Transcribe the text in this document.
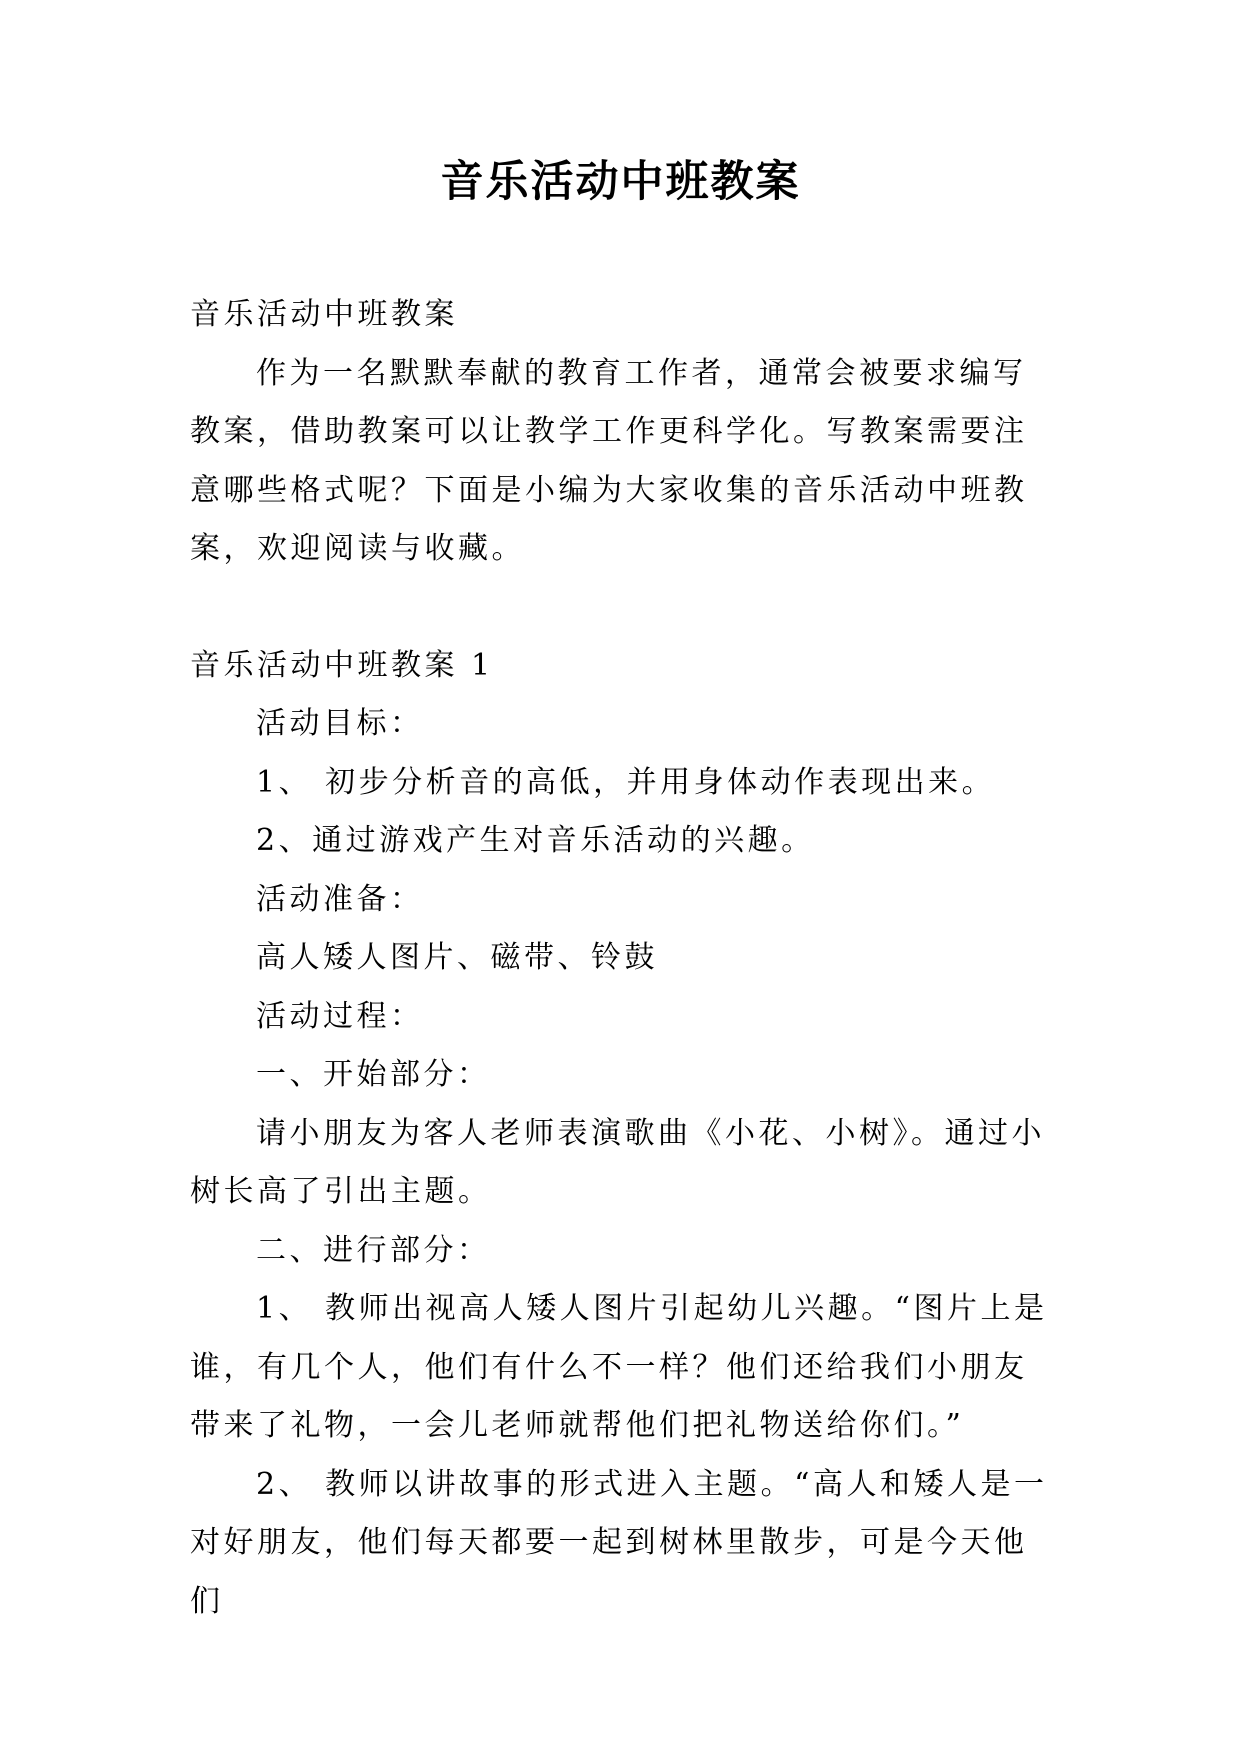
音乐活动中班教案

音乐活动中班教案

作为一名默默奉献的教育工作者，通常会被要求编写教案，借助教案可以让教学工作更科学化。写教案需要注意哪些格式呢？下面是小编为大家收集的音乐活动中班教案，欢迎阅读与收藏。

音乐活动中班教案 1

活动目标：

1、 初步分析音的高低，并用身体动作表现出来。

2、通过游戏产生对音乐活动的兴趣。

活动准备：

高人矮人图片、磁带、铃鼓

活动过程：

一、开始部分：

请小朋友为客人老师表演歌曲《小花、小树》。通过小树长高了引出主题。

二、进行部分：

1、 教师出视高人矮人图片引起幼儿兴趣。“图片上是谁，有几个人，他们有什么不一样？他们还给我们小朋友带来了礼物，一会儿老师就帮他们把礼物送给你们。”

2、 教师以讲故事的形式进入主题。“高人和矮人是一对好朋友，他们每天都要一起到树林里散步，可是今天他们
